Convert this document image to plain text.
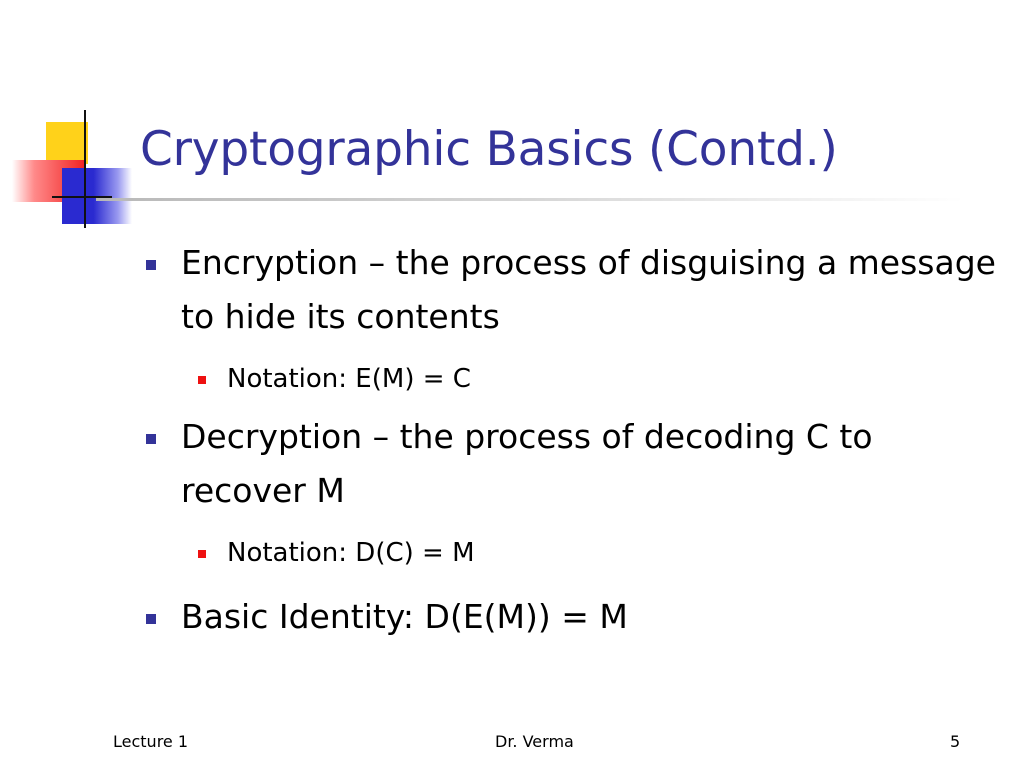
Cryptographic Basics (Contd.)
Encryption – the process of disguising a message to hide its contents
Notation: E(M) = C
Decryption – the process of decoding C to recover M
Notation: D(C) = M
Basic Identity: D(E(M)) = M
Lecture 1	Dr. Verma	5
